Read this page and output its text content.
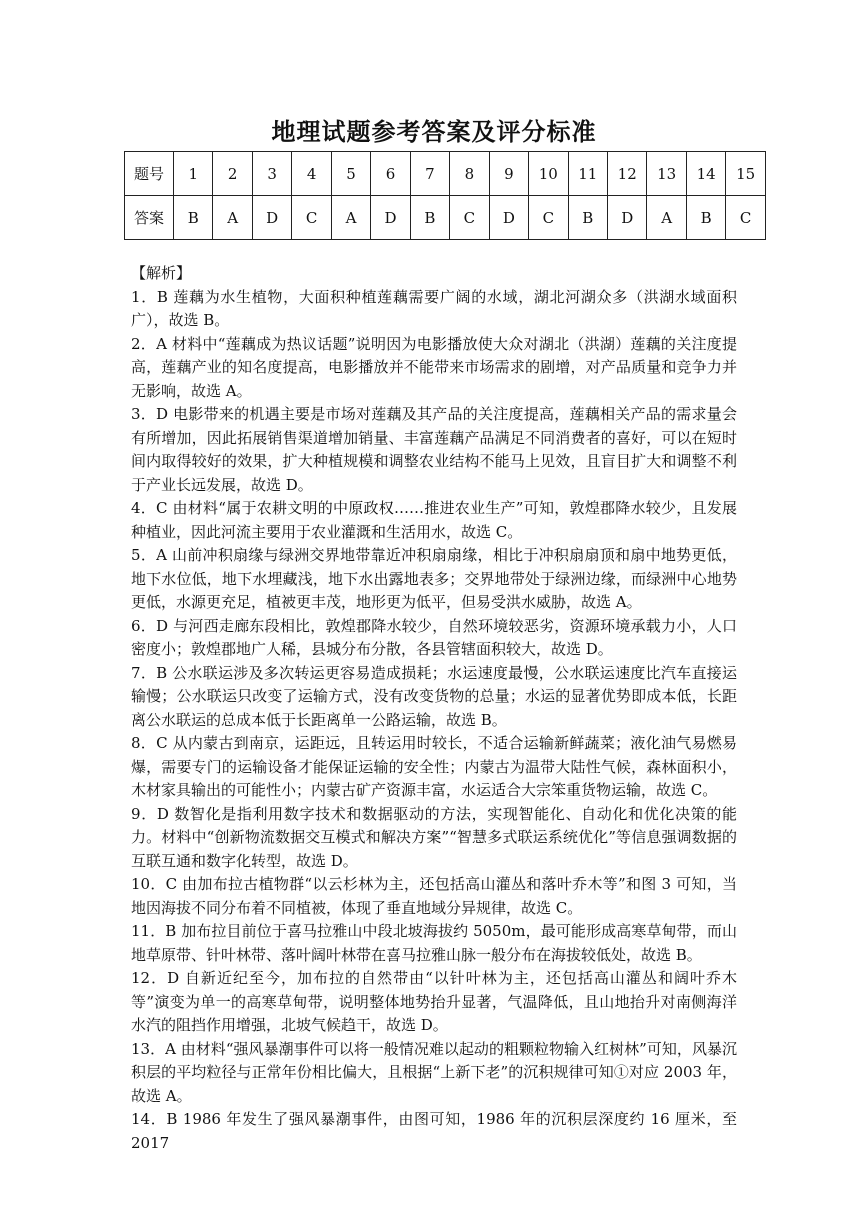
地理试题参考答案及评分标准
题号	1	2	3	4	5	6	7	8	9	10	11	12	13	14	15
答案	B	A	D	C	A	D	B	C	D	C	B	D	A	B	C

【解析】

1．B 莲藕为水生植物，大面积种植莲藕需要广阔的水域，湖北河湖众多（洪湖水域面积广），故选 B。

2．A 材料中“莲藕成为热议话题”说明因为电影播放使大众对湖北（洪湖）莲藕的关注度提高，莲藕产业的知名度提高，电影播放并不能带来市场需求的剧增，对产品质量和竞争力并无影响，故选 A。

3．D 电影带来的机遇主要是市场对莲藕及其产品的关注度提高，莲藕相关产品的需求量会有所增加，因此拓展销售渠道增加销量、丰富莲藕产品满足不同消费者的喜好，可以在短时间内取得较好的效果，扩大种植规模和调整农业结构不能马上见效，且盲目扩大和调整不利于产业长远发展，故选 D。

4．C 由材料“属于农耕文明的中原政权……推进农业生产”可知，敦煌郡降水较少，且发展种植业，因此河流主要用于农业灌溉和生活用水，故选 C。

5．A 山前冲积扇缘与绿洲交界地带靠近冲积扇扇缘，相比于冲积扇扇顶和扇中地势更低，地下水位低，地下水埋藏浅，地下水出露地表多；交界地带处于绿洲边缘，而绿洲中心地势更低，水源更充足，植被更丰茂，地形更为低平，但易受洪水威胁，故选 A。

6．D 与河西走廊东段相比，敦煌郡降水较少，自然环境较恶劣，资源环境承载力小，人口密度小；敦煌郡地广人稀，县城分布分散，各县管辖面积较大，故选 D。

7．B 公水联运涉及多次转运更容易造成损耗；水运速度最慢，公水联运速度比汽车直接运输慢；公水联运只改变了运输方式，没有改变货物的总量；水运的显著优势即成本低，长距离公水联运的总成本低于长距离单一公路运输，故选 B。

8．C 从内蒙古到南京，运距远，且转运用时较长，不适合运输新鲜蔬菜；液化油气易燃易爆，需要专门的运输设备才能保证运输的安全性；内蒙古为温带大陆性气候，森林面积小，木材家具输出的可能性小；内蒙古矿产资源丰富，水运适合大宗笨重货物运输，故选 C。

9．D 数智化是指利用数字技术和数据驱动的方法，实现智能化、自动化和优化决策的能力。材料中“创新物流数据交互模式和解决方案”“智慧多式联运系统优化”等信息强调数据的互联互通和数字化转型，故选 D。

10．C 由加布拉古植物群“以云杉林为主，还包括高山灌丛和落叶乔木等”和图 3 可知，当地因海拔不同分布着不同植被，体现了垂直地域分异规律，故选 C。

11．B 加布拉目前位于喜马拉雅山中段北坡海拔约 5050m，最可能形成高寒草甸带，而山地草原带、针叶林带、落叶阔叶林带在喜马拉雅山脉一般分布在海拔较低处，故选 B。

12．D 自新近纪至今，加布拉的自然带由“以针叶林为主，还包括高山灌丛和阔叶乔木等”演变为单一的高寒草甸带，说明整体地势抬升显著，气温降低，且山地抬升对南侧海洋水汽的阻挡作用增强，北坡气候趋干，故选 D。

13．A 由材料“强风暴潮事件可以将一般情况难以起动的粗颗粒物输入红树林”可知，风暴沉积层的平均粒径与正常年份相比偏大，且根据“上新下老”的沉积规律可知①对应 2003 年，故选 A。

14．B 1986 年发生了强风暴潮事件，由图可知，1986 年的沉积层深度约 16 厘米，至 2017
